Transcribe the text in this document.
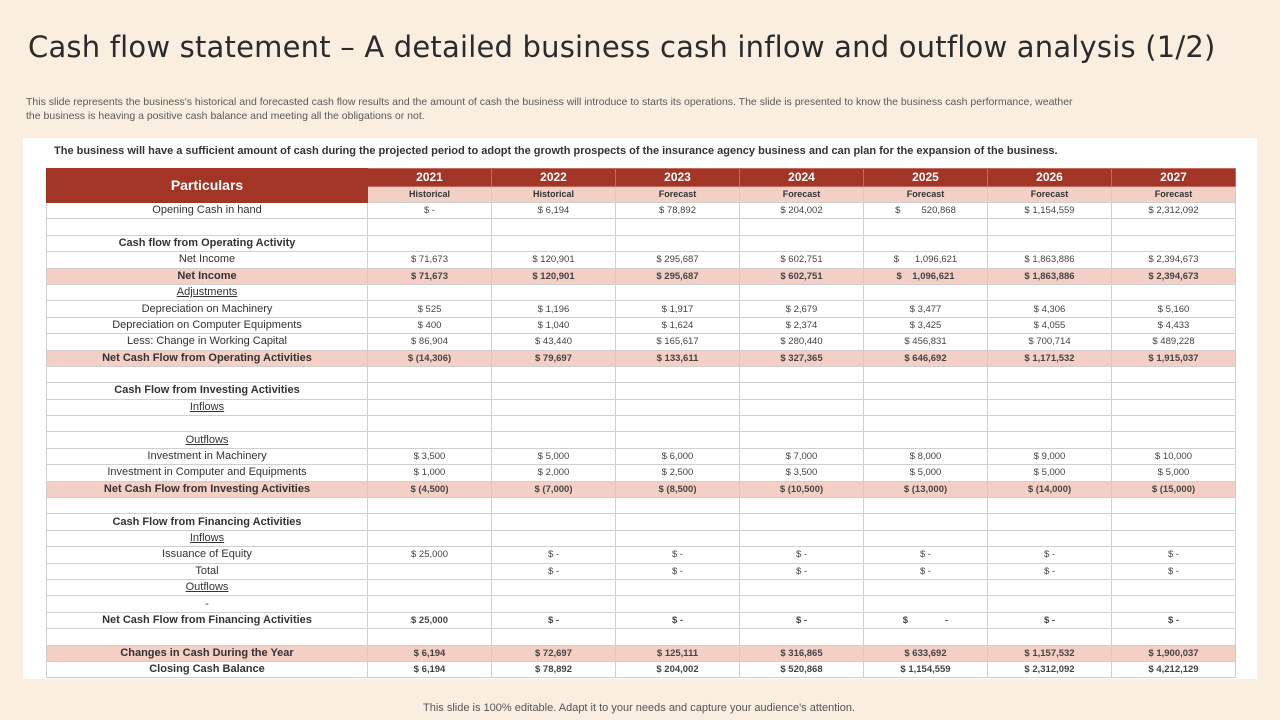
Cash flow statement – A detailed business cash inflow and outflow analysis (1/2)
This slide represents the business's historical and forecasted cash flow results and the amount of cash the business will introduce to starts its operations. The slide is presented to know the business cash performance, weather the business is heaving a positive cash balance and meeting all the obligations or not.
The business will have a sufficient amount of cash during the projected period to adopt the growth prospects of the insurance agency business and can plan for the expansion of the business.
Particulars	2021	2022	2023	2024	2025	2026	2027
	Historical	Historical	Forecast	Forecast	Forecast	Forecast	Forecast
Opening Cash in hand	$ -	$ 6,194	$ 78,892	$ 204,002	$        520,868	$ 1,154,559	$ 2,312,092

Cash flow from Operating Activity							
Net Income	$ 71,673	$ 120,901	$ 295,687	$ 602,751	$      1,096,621	$ 1,863,886	$ 2,394,673
Net Income	$ 71,673	$ 120,901	$ 295,687	$ 602,751	$    1,096,621	$ 1,863,886	$ 2,394,673
Adjustments							
Depreciation on Machinery	$ 525	$ 1,196	$ 1,917	$ 2,679	$ 3,477	$ 4,306	$ 5,160
Depreciation on Computer Equipments	$ 400	$ 1,040	$ 1,624	$ 2,374	$ 3,425	$ 4,055	$ 4,433
Less: Change in Working Capital	$ 86,904	$ 43,440	$ 165,617	$ 280,440	$ 456,831	$ 700,714	$ 489,228
Net Cash Flow from Operating Activities	$ (14,306)	$ 79,697	$ 133,611	$ 327,365	$ 646,692	$ 1,171,532	$ 1,915,037

Cash Flow from Investing Activities							
Inflows							

Outflows							
Investment in Machinery	$ 3,500	$ 5,000	$ 6,000	$ 7,000	$ 8,000	$ 9,000	$ 10,000
Investment in Computer and Equipments	$ 1,000	$ 2,000	$ 2,500	$ 3,500	$ 5,000	$ 5,000	$ 5,000
Net Cash Flow from Investing Activities	$ (4,500)	$ (7,000)	$ (8,500)	$ (10,500)	$ (13,000)	$ (14,000)	$ (15,000)

Cash Flow from Financing Activities							
Inflows							
Issuance of Equity	$ 25,000	$ -	$ -	$ -	$ -	$ -	$ -
Total		$ -	$ -	$ -	$ -	$ -	$ -
Outflows							
-							
Net Cash Flow from Financing Activities	$ 25,000	$ -	$ -	$ -	$              -	$ -	$ -

Changes in Cash During the Year	$ 6,194	$ 72,697	$ 125,111	$ 316,865	$ 633,692	$ 1,157,532	$ 1,900,037
Closing Cash Balance	$ 6,194	$ 78,892	$ 204,002	$ 520,868	$ 1,154,559	$ 2,312,092	$ 4,212,129
This slide is 100% editable. Adapt it to your needs and capture your audience's attention.
